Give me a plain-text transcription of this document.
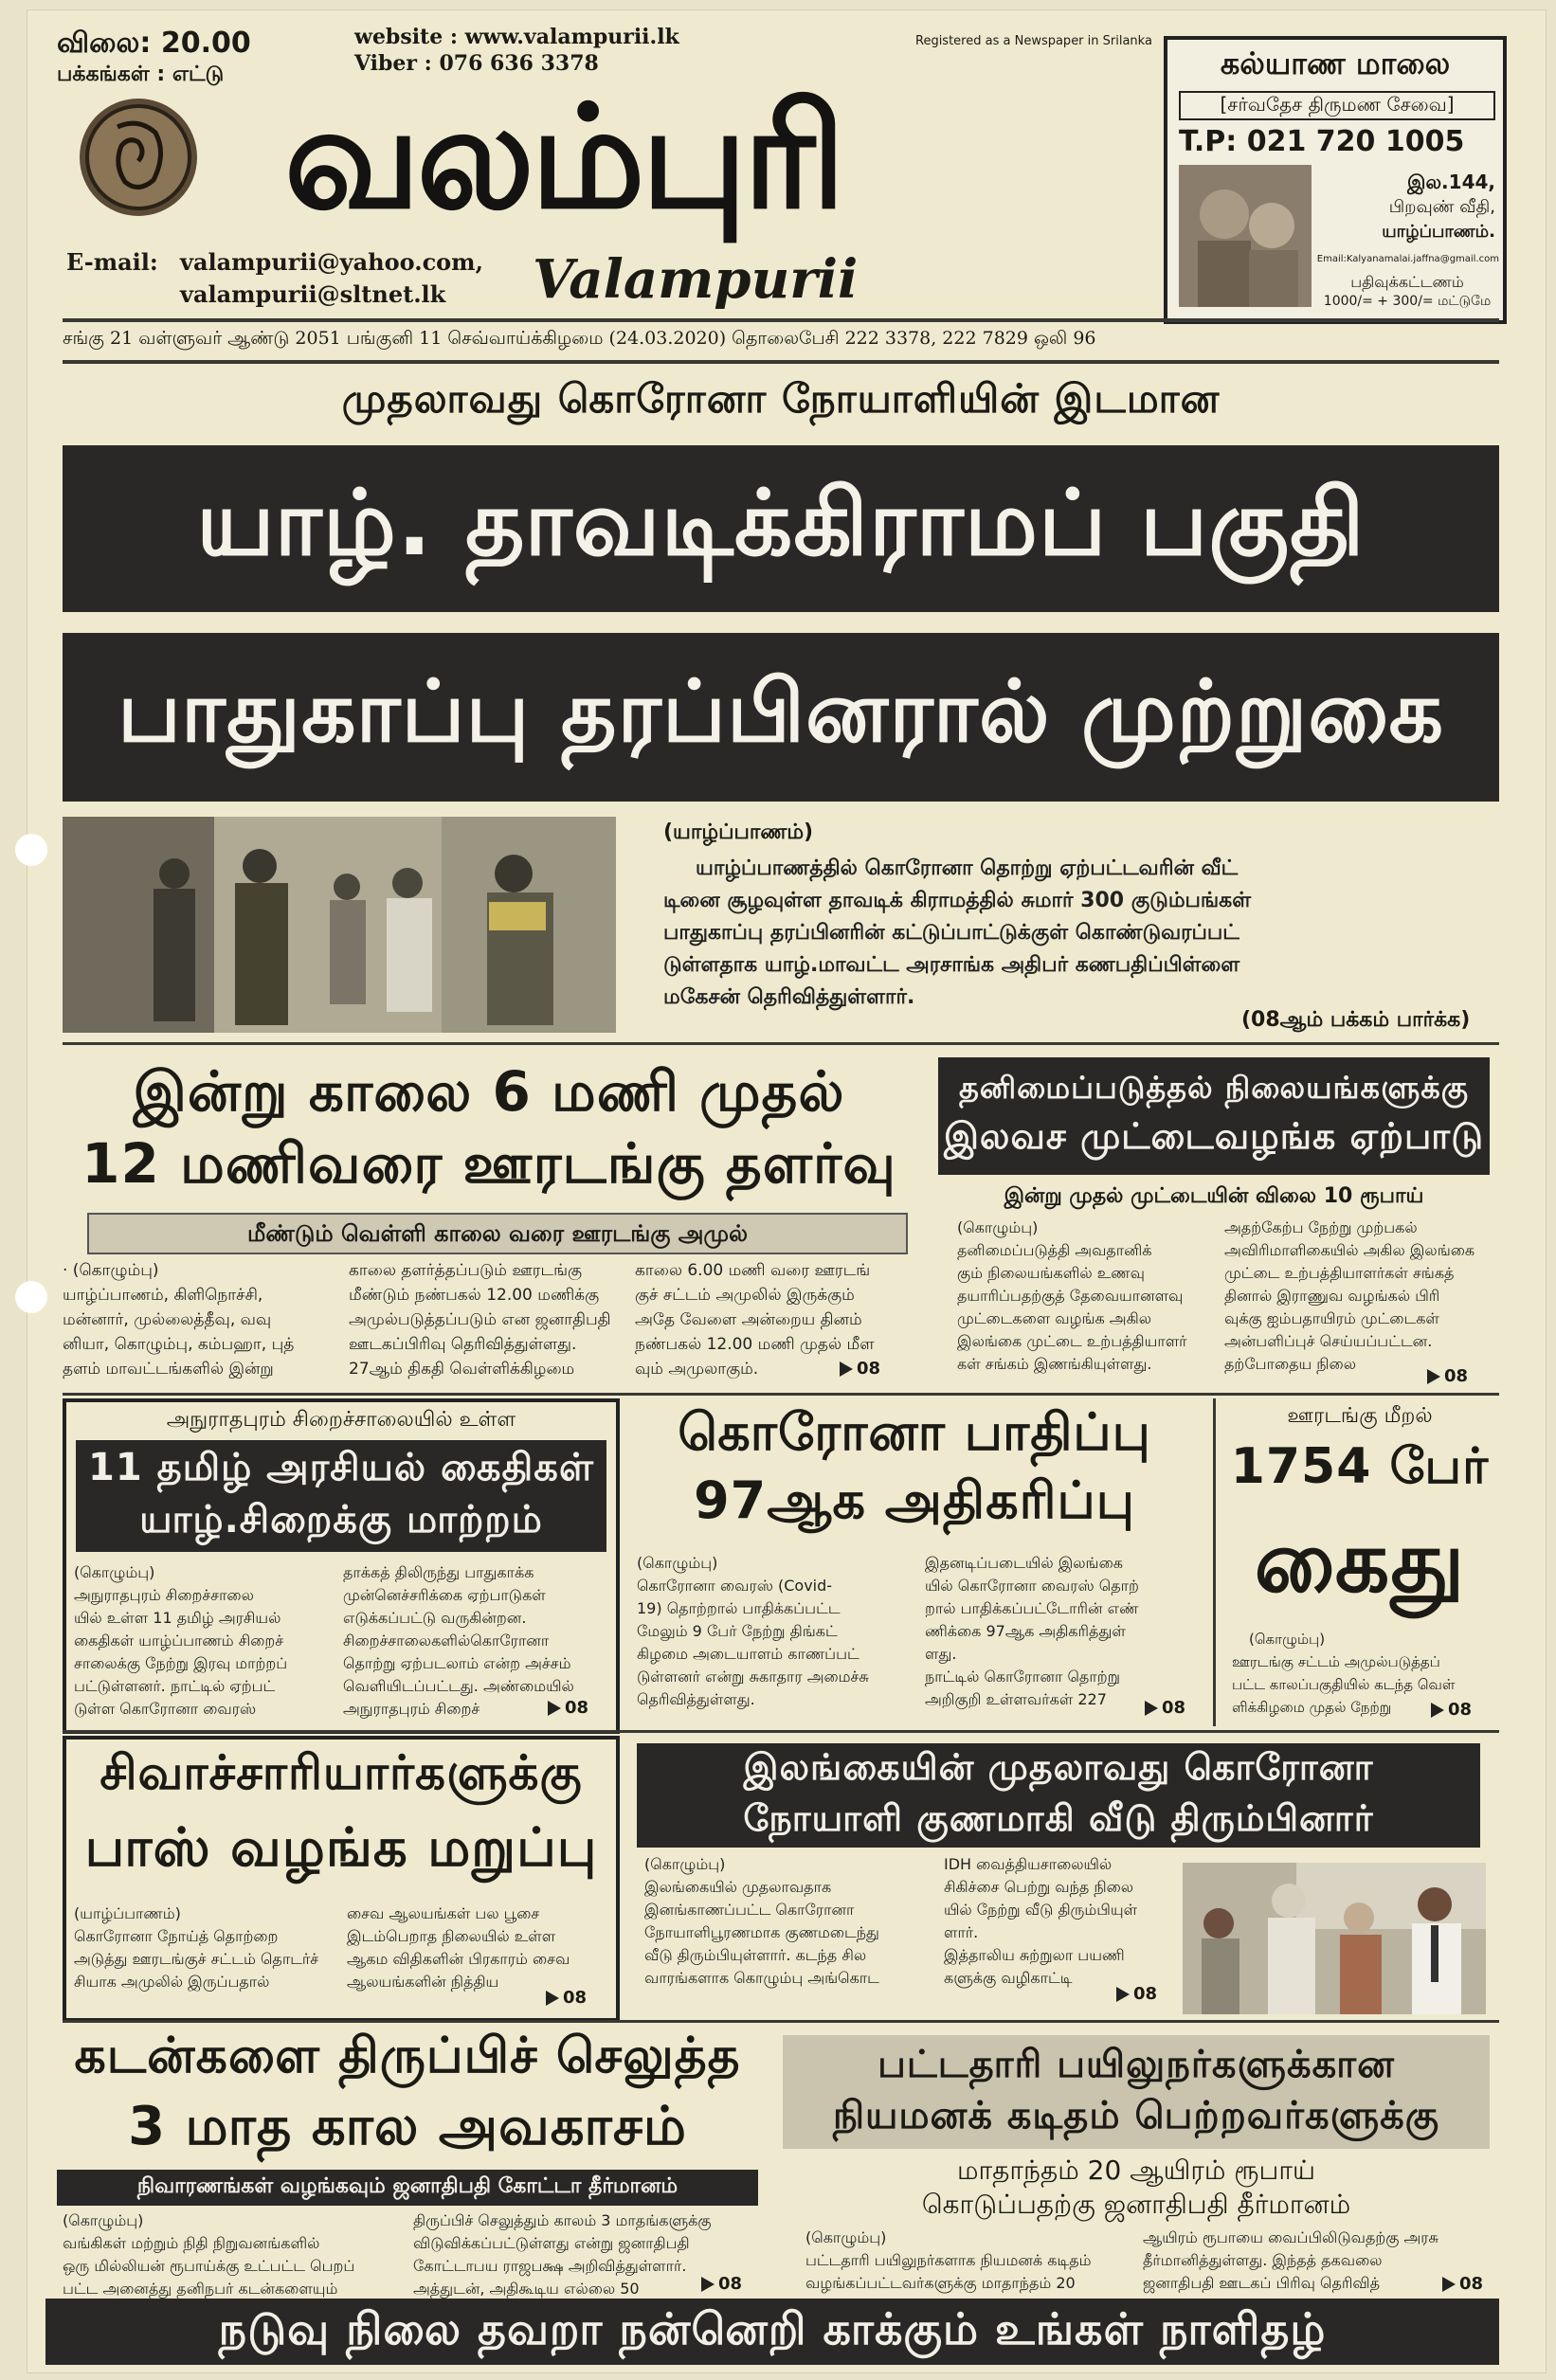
விலை: 20.00
பக்கங்கள் : எட்டு
website : www.valampurii.lk
Viber : 076 636 3378
Registered as a Newspaper in Srilanka
வலம்புரி
Valampurii
E-mail: valampurii@yahoo.com,
valampurii@sltnet.lk
கல்யாண மாலை
[சர்வதேச திருமண சேவை]
T.P: 021 720 1005
இல.144,
பிறவுண் வீதி,
யாழ்ப்பாணம்.
Email:Kalyanamalai.jaffna@gmail.com
பதிவுக்கட்டணம்
1000/= + 300/= மட்டுமே
சங்கு 21 வள்ளுவர் ஆண்டு 2051 பங்குனி 11 செவ்வாய்க்கிழமை (24.03.2020) தொலைபேசி 222 3378, 222 7829 ஒலி 96
முதலாவது கொரோனா நோயாளியின் இடமான
யாழ். தாவடிக்கிராமப் பகுதி
பாதுகாப்பு தரப்பினரால் முற்றுகை
(யாழ்ப்பாணம்)
யாழ்ப்பாணத்தில் கொரோனா தொற்று ஏற்பட்டவரின் வீட்
டினை சூழவுள்ள தாவடிக் கிராமத்தில் சுமார் 300 குடும்பங்கள்
பாதுகாப்பு தரப்பினரின் கட்டுப்பாட்டுக்குள் கொண்டுவரப்பட்
டுள்ளதாக யாழ்.மாவட்ட அரசாங்க அதிபர் கணபதிப்பிள்ளை
மகேசன் தெரிவித்துள்ளார்.
(08ஆம் பக்கம் பார்க்க)
இன்று காலை 6 மணி முதல்
12 மணிவரை ஊரடங்கு தளர்வு
மீண்டும் வெள்ளி காலை வரை ஊரடங்கு அமுல்
· (கொழும்பு)
யாழ்ப்பாணம், கிளிநொச்சி,
மன்னார், முல்லைத்தீவு, வவு
னியா, கொழும்பு, கம்பஹா, புத்
தளம் மாவட்டங்களில் இன்று
காலை தளர்த்தப்படும் ஊரடங்கு
மீண்டும் நண்பகல் 12.00 மணிக்கு
அமுல்படுத்தப்படும் என ஜனாதிபதி
ஊடகப்பிரிவு தெரிவித்துள்ளது.
27ஆம் திகதி வெள்ளிக்கிழமை
காலை 6.00 மணி வரை ஊரடங்
குச் சட்டம் அமுலில் இருக்கும்
அதே வேளை அன்றைய தினம்
நண்பகல் 12.00 மணி முதல் மீள
வும் அமுலாகும்.	08
தனிமைப்படுத்தல் நிலையங்களுக்கு
இலவச முட்டைவழங்க ஏற்பாடு
இன்று முதல் முட்டையின் விலை 10 ரூபாய்
(கொழும்பு)
தனிமைப்படுத்தி அவதானிக்
கும் நிலையங்களில் உணவு
தயாரிப்பதற்குத் தேவையானளவு
முட்டைகளை வழங்க அகில
இலங்கை முட்டை உற்பத்தியாளர்
கள் சங்கம் இணங்கியுள்ளது.
அதற்கேற்ப நேற்று முற்பகல்
அவிரிமாளிகையில் அகில இலங்கை
முட்டை உற்பத்தியாளர்கள் சங்கத்
தினால் இராணுவ வழங்கல் பிரி
வுக்கு ஐம்பதாயிரம் முட்டைகள்
அன்பளிப்புச் செய்யப்பட்டன.
தற்போதைய நிலை
08
அநுராதபுரம் சிறைச்சாலையில் உள்ள
11 தமிழ் அரசியல் கைதிகள்
யாழ்.சிறைக்கு மாற்றம்
(கொழும்பு)
அநுராதபுரம் சிறைச்சாலை
யில் உள்ள 11 தமிழ் அரசியல்
கைதிகள் யாழ்ப்பாணம் சிறைச்
சாலைக்கு நேற்று இரவு மாற்றப்
பட்டுள்ளனர். நாட்டில் ஏற்பட்
டுள்ள கொரோனா வைரஸ்
தாக்கத் திலிருந்து பாதுகாக்க
முன்னெச்சரிக்கை ஏற்பாடுகள்
எடுக்கப்பட்டு வருகின்றன.
சிறைச்சாலைகளில்கொரோனா
தொற்று ஏற்படலாம் என்ற அச்சம்
வெளியிடப்பட்டது. அண்மையில்
அநுராதபுரம் சிறைச்	08
கொரோனா பாதிப்பு
97ஆக அதிகரிப்பு
(கொழும்பு)
கொரோனா வைரஸ் (Covid-
19) தொற்றால் பாதிக்கப்பட்ட
மேலும் 9 பேர் நேற்று திங்கட்
கிழமை அடையாளம் காணப்பட்
டுள்ளனர் என்று சுகாதார அமைச்சு
தெரிவித்துள்ளது.
இதனடிப்படையில் இலங்கை
யில் கொரோனா வைரஸ் தொற்
றால் பாதிக்கப்பட்டோரின் எண்
ணிக்கை 97ஆக அதிகரித்துள்
ளது.
நாட்டில் கொரோனா தொற்று
அறிகுறி உள்ளவர்கள் 227	08
ஊரடங்கு மீறல்
1754 பேர்
கைது
(கொழும்பு)
ஊரடங்கு சட்டம் அமுல்படுத்தப்
பட்ட காலப்பகுதியில் கடந்த வெள்
ளிக்கிழமை முதல் நேற்று	08
சிவாச்சாரியார்களுக்கு
பாஸ் வழங்க மறுப்பு
(யாழ்ப்பாணம்)
கொரோனா நோய்த் தொற்றை
அடுத்து ஊரடங்குச் சட்டம் தொடர்ச்
சியாக அமுலில் இருப்பதால்
சைவ ஆலயங்கள் பல பூசை
இடம்பெறாத நிலையில் உள்ள
ஆகம விதிகளின் பிரகாரம் சைவ
ஆலயங்களின் நித்திய
08
இலங்கையின் முதலாவது கொரோனா
நோயாளி குணமாகி வீடு திரும்பினார்
(கொழும்பு)
இலங்கையில் முதலாவதாக
இனங்காணப்பட்ட கொரோனா
நோயாளிபூரணமாக குணமடைந்து
வீடு திரும்பியுள்ளார். கடந்த சில
வாரங்களாக கொழும்பு அங்கொட
IDH வைத்தியசாலையில்
சிகிச்சை பெற்று வந்த நிலை
யில் நேற்று வீடு திரும்பியுள்
ளார்.
இத்தாலிய சுற்றுலா பயணி
களுக்கு வழிகாட்டி
08
கடன்களை திருப்பிச் செலுத்த
3 மாத கால அவகாசம்
நிவாரணங்கள் வழங்கவும் ஜனாதிபதி கோட்டா தீர்மானம்
(கொழும்பு)
வங்கிகள் மற்றும் நிதி நிறுவனங்களில்
ஒரு மில்லியன் ரூபாய்க்கு உட்பட்ட பெறப்
பட்ட அனைத்து தனிநபர் கடன்களையும்
திருப்பிச் செலுத்தும் காலம் 3 மாதங்களுக்கு
விடுவிக்கப்பட்டுள்ளது என்று ஜனாதிபதி
கோட்டாபய ராஜபக்ஷ அறிவித்துள்ளார்.
அத்துடன், அதிகூடிய எல்லை 50	08
பட்டதாரி பயிலுநர்களுக்கான
நியமனக் கடிதம் பெற்றவர்களுக்கு
மாதாந்தம் 20 ஆயிரம் ரூபாய்
கொடுப்பதற்கு ஜனாதிபதி தீர்மானம்
(கொழும்பு)
பட்டதாரி பயிலுநர்களாக நியமனக் கடிதம்
வழங்கப்பட்டவர்களுக்கு மாதாந்தம் 20
ஆயிரம் ரூபாயை வைப்பிலிடுவதற்கு அரசு
தீர்மானித்துள்ளது. இந்தத் தகவலை
ஜனாதிபதி ஊடகப் பிரிவு தெரிவித்	08
நடுவு நிலை தவறா நன்னெறி காக்கும் உங்கள் நாளிதழ்
